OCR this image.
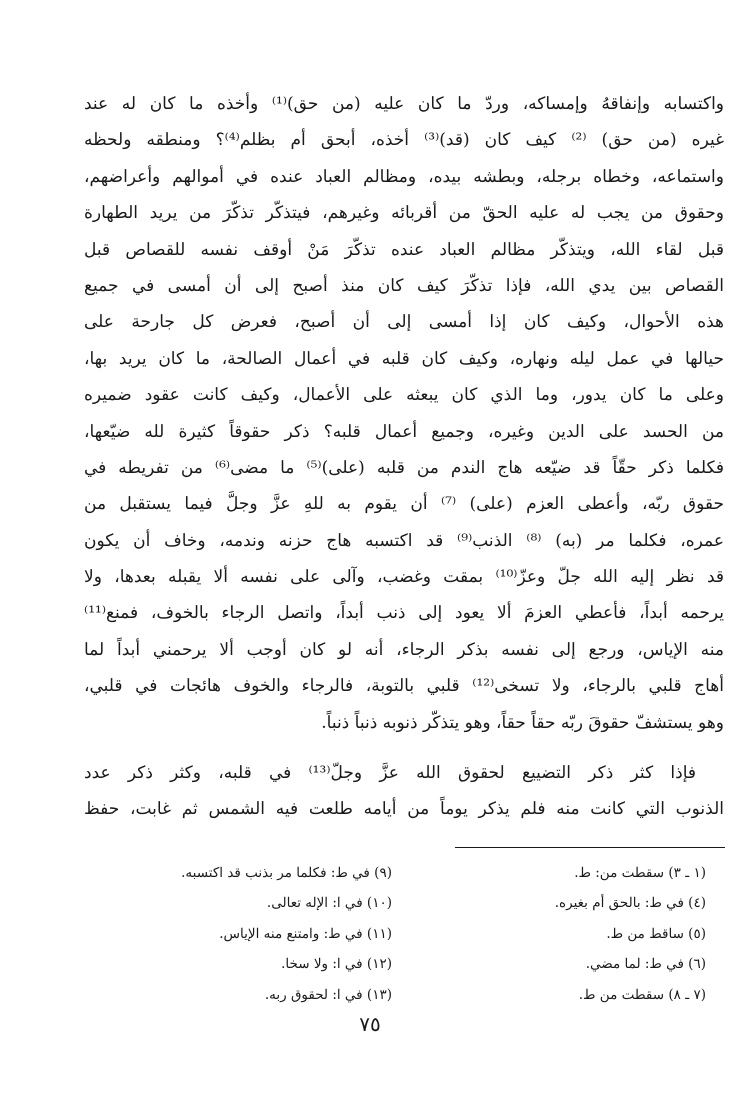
واكتسابه وإنفاقهُ وإمساكه، وردّ ما كان عليه (من حق)⁽¹⁾ وأخذه ما كان له عند
غيره (من حق) ⁽²⁾ كيف كان (قد)⁽³⁾ أخذه، أبحق أم بظلم⁽⁴⁾؟ ومنطقه ولحظه
واستماعه، وخطاه برجله، وبطشه بيده، ومظالم العباد عنده في أموالهم وأعراضهم،
وحقوق من يجب له عليه الحقّ من أقربائه وغيرهم، فيتذكّر تذكّرَ من يريد الطهارة
قبل لقاء الله، ويتذكّر مظالم العباد عنده تذكّرَ مَنْ أوقف نفسه للقصاص قبل
القصاص بين يدي الله، فإذا تذكّرَ كيف كان منذ أصبح إلى أن أمسى في جميع
هذه الأحوال، وكيف كان إذا أمسى إلى أن أصبح، فعرض كل جارحة على
حيالها في عمل ليله ونهاره، وكيف كان قلبه في أعمال الصالحة، ما كان يريد بها،
وعلى ما كان يدور، وما الذي كان يبعثه على الأعمال، وكيف كانت عقود ضميره
من الحسد على الدين وغيره، وجميع أعمال قلبه؟ ذكر حقوقاً كثيرة لله ضيّعها،
فكلما ذكر حقّاً قد ضيّعه هاج الندم من قلبه (على)⁽⁵⁾ ما مضى⁽⁶⁾ من تفريطه في
حقوق ربّه، وأعطى العزم (على) ⁽⁷⁾ أن يقوم به للهِ عزَّ وجلَّ فيما يستقبل من
عمره، فكلما مر (به) ⁽⁸⁾ الذنب⁽⁹⁾ قد اكتسبه هاج حزنه وندمه، وخاف أن يكون
قد نظر إليه الله جلّ وعزّ⁽¹⁰⁾ بمقت وغضب، وآلى على نفسه ألا يقبله بعدها، ولا
يرحمه أبداً، فأعطي العزمَ ألا يعود إلى ذنب أبداً، واتصل الرجاء بالخوف، فمنع⁽¹¹⁾
منه الإياس، ورجع إلى نفسه بذكر الرجاء، أنه لو كان أوجب ألا يرحمني أبداً لما
أهاج قلبي بالرجاء، ولا تسخى⁽¹²⁾ قلبي بالتوبة، فالرجاء والخوف هائجات في قلبي،
وهو يستشفّ حقوقَ ربّه حقاً حقاً، وهو يتذكّر ذنوبه ذنباً ذنباً.
فإذا كثر ذكر التضييع لحقوق الله عزَّ وجلّ⁽¹³⁾ في قلبه، وكثر ذكر عدد
الذنوب التي كانت منه فلم يذكر يوماً من أيامه طلعت فيه الشمس ثم غابت، حفظ
(١ ـ ٣) سقطت من: ط.
(٤) في ط: بالحق أم بغيره.
(٥) ساقط من ط.
(٦) في ط: لما مضي.
(٧ ـ ٨) سقطت من ط.
(٩) في ط: فكلما مر بذنب قد اكتسبه.
(١٠) في ا: الإله تعالى.
(١١) في ط: وامتنع منه الإياس.
(١٢) في ا: ولا سخا.
(١٣) في ا: لحقوق ربه.
٧٥
